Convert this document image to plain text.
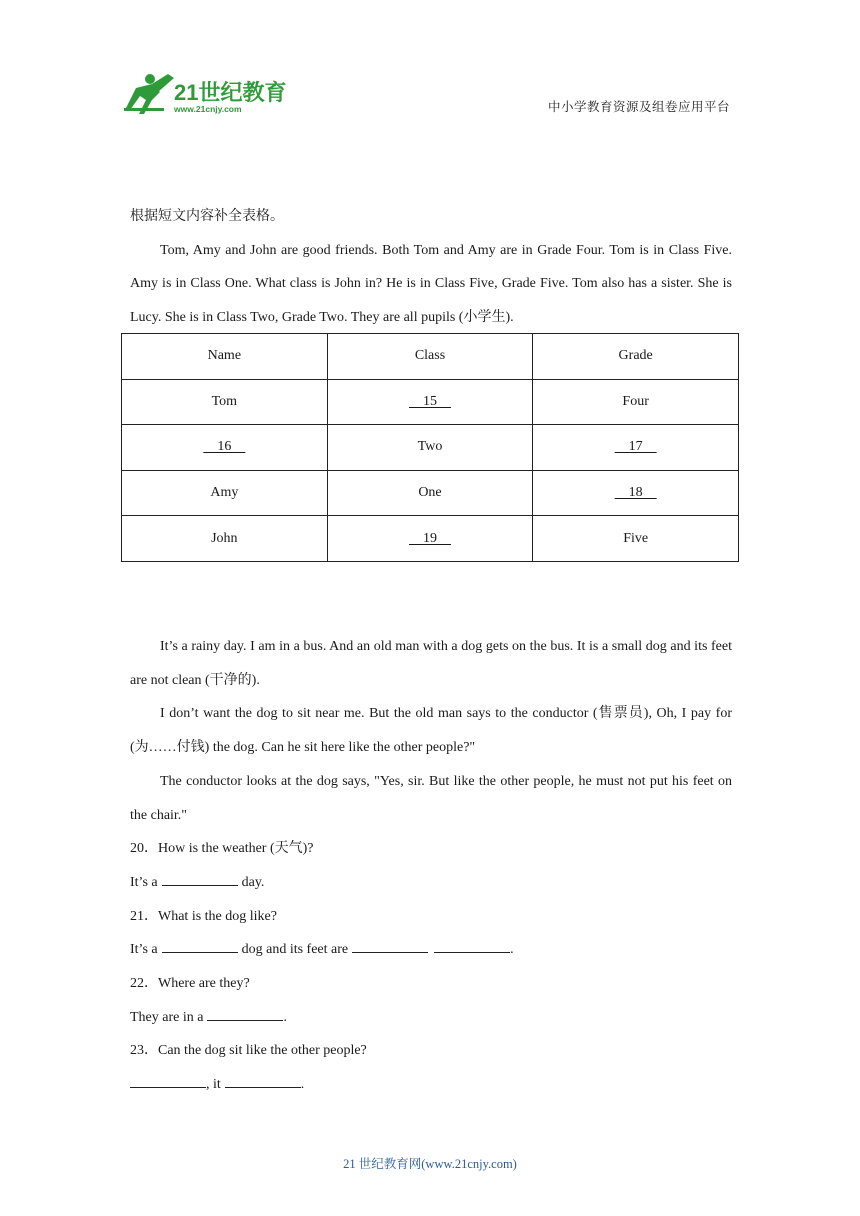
21世纪教育
www.21cnjy.com	中小学教育资源及组卷应用平台

根据短文内容补全表格。

Tom, Amy and John are good friends. Both Tom and Amy are in Grade Four. Tom is in Class Five. Amy is in Class One. What class is John in? He is in Class Five, Grade Five. Tom also has a sister. She is Lucy. She is in Class Two, Grade Two. They are all pupils (小学生).

Name	Class	Grade
Tom	15	Four
16	Two	17
Amy	One	18
John	19	Five

It’s a rainy day. I am in a bus. And an old man with a dog gets on the bus. It is a small dog and its feet are not clean (干净的).

I don’t want the dog to sit near me. But the old man says to the conductor (售票员), Oh, I pay for (为……付钱) the dog. Can he sit here like the other people?"

The conductor looks at the dog says, "Yes, sir. But like the other people, he must not put his feet on the chair."

20．How is the weather (天气)?

It’s a	day.

21．What is the dog like?

It’s a	dog and its feet are	.

22．Where are they?

They are in a	.

23．Can the dog sit like the other people?

, it	.

21 世纪教育网(www.21cnjy.com)
